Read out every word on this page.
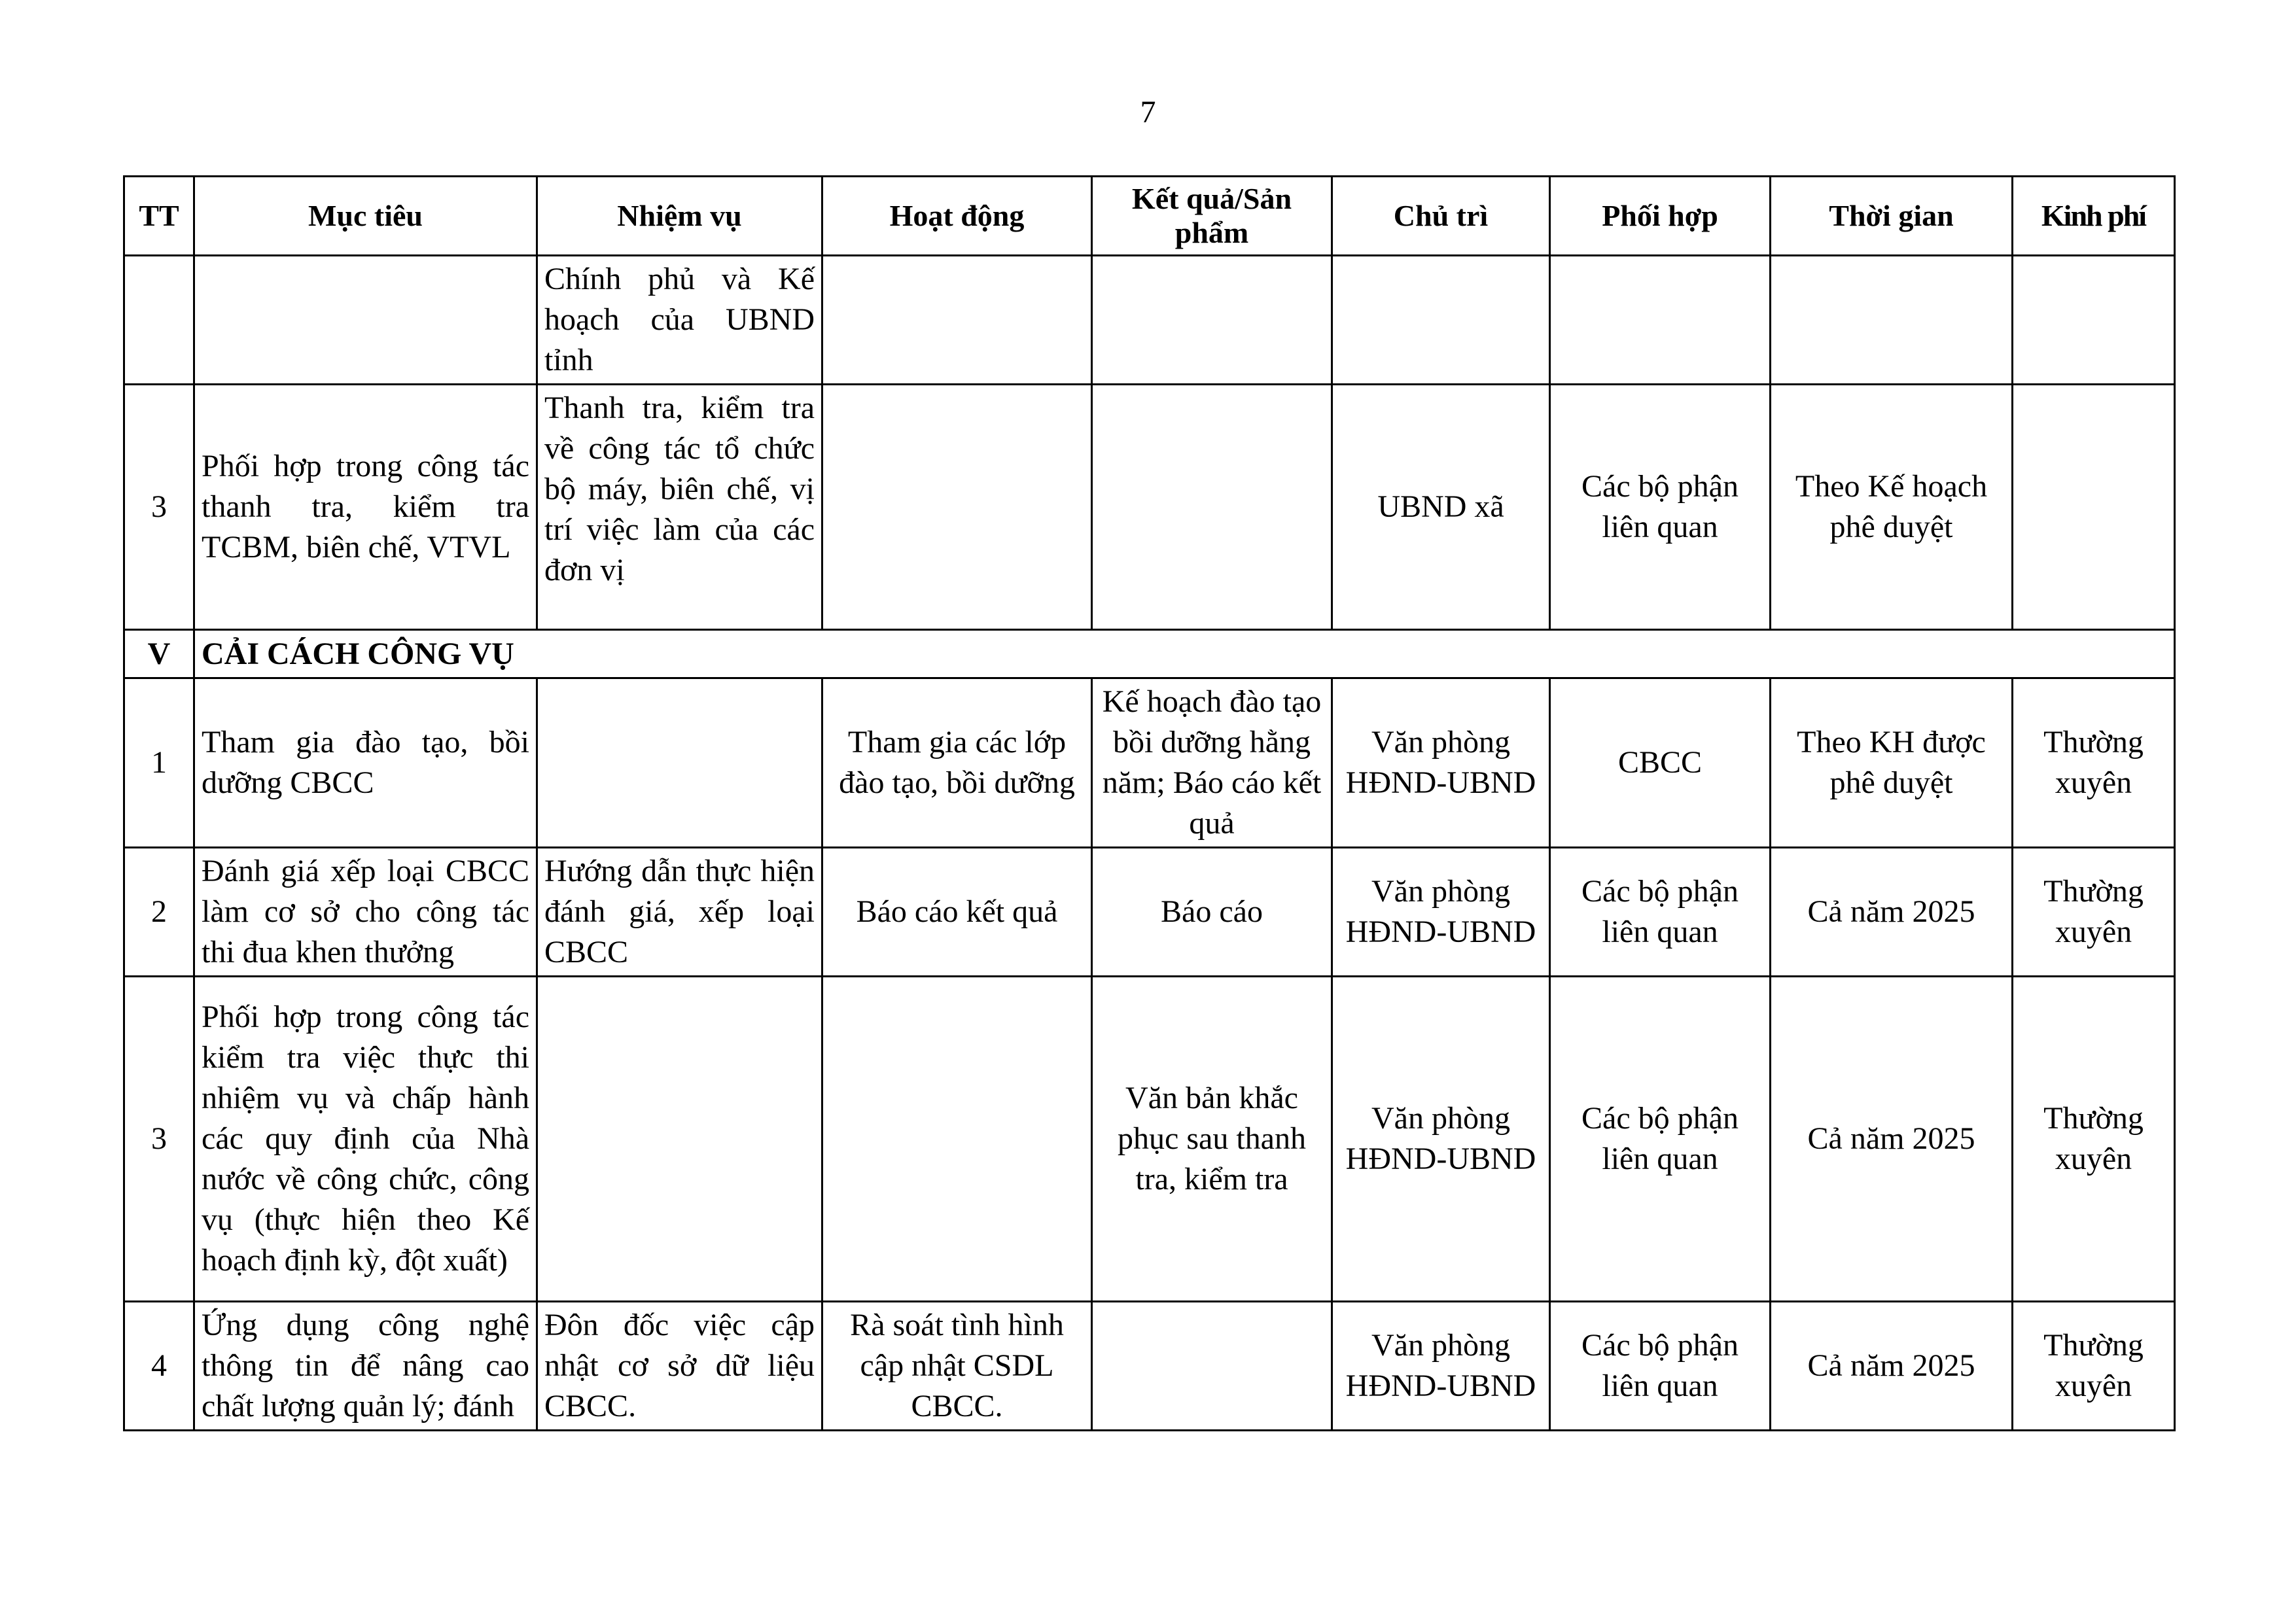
7
TT	Mục tiêu	Nhiệm vụ	Hoạt động	Kết quả/Sản phẩm	Chủ trì	Phối hợp	Thời gian	Kinh phí
		Chính phủ và Kế hoạch của UBND tỉnh						
3	Phối hợp trong công tác thanh tra, kiểm tra TCBM, biên chế, VTVL	Thanh tra, kiểm tra về công tác tổ chức bộ máy, biên chế, vị trí việc làm của các đơn vị			UBND xã	Các bộ phận liên quan	Theo Kế hoạch phê duyệt	
V	CẢI CÁCH CÔNG VỤ							
1	Tham gia đào tạo, bồi dưỡng CBCC		Tham gia các lớp đào tạo, bồi dưỡng	Kế hoạch đào tạo bồi dưỡng hằng năm; Báo cáo kết quả	Văn phòng HĐND-UBND	CBCC	Theo KH được phê duyệt	Thường xuyên
2	Đánh giá xếp loại CBCC làm cơ sở cho công tác thi đua khen thưởng	Hướng dẫn thực hiện đánh giá, xếp loại CBCC	Báo cáo kết quả	Báo cáo	Văn phòng HĐND-UBND	Các bộ phận liên quan	Cả năm 2025	Thường xuyên
3	Phối hợp trong công tác kiểm tra việc thực thi nhiệm vụ và chấp hành các quy định của Nhà nước về công chức, công vụ (thực hiện theo Kế hoạch định kỳ, đột xuất)			Văn bản khắc phục sau thanh tra, kiểm tra	Văn phòng HĐND-UBND	Các bộ phận liên quan	Cả năm 2025	Thường xuyên
4	Ứng dụng công nghệ thông tin để nâng cao chất lượng quản lý; đánh	Đôn đốc việc cập nhật cơ sở dữ liệu CBCC.	Rà soát tình hình cập nhật CSDL CBCC.		Văn phòng HĐND-UBND	Các bộ phận liên quan	Cả năm 2025	Thường xuyên
